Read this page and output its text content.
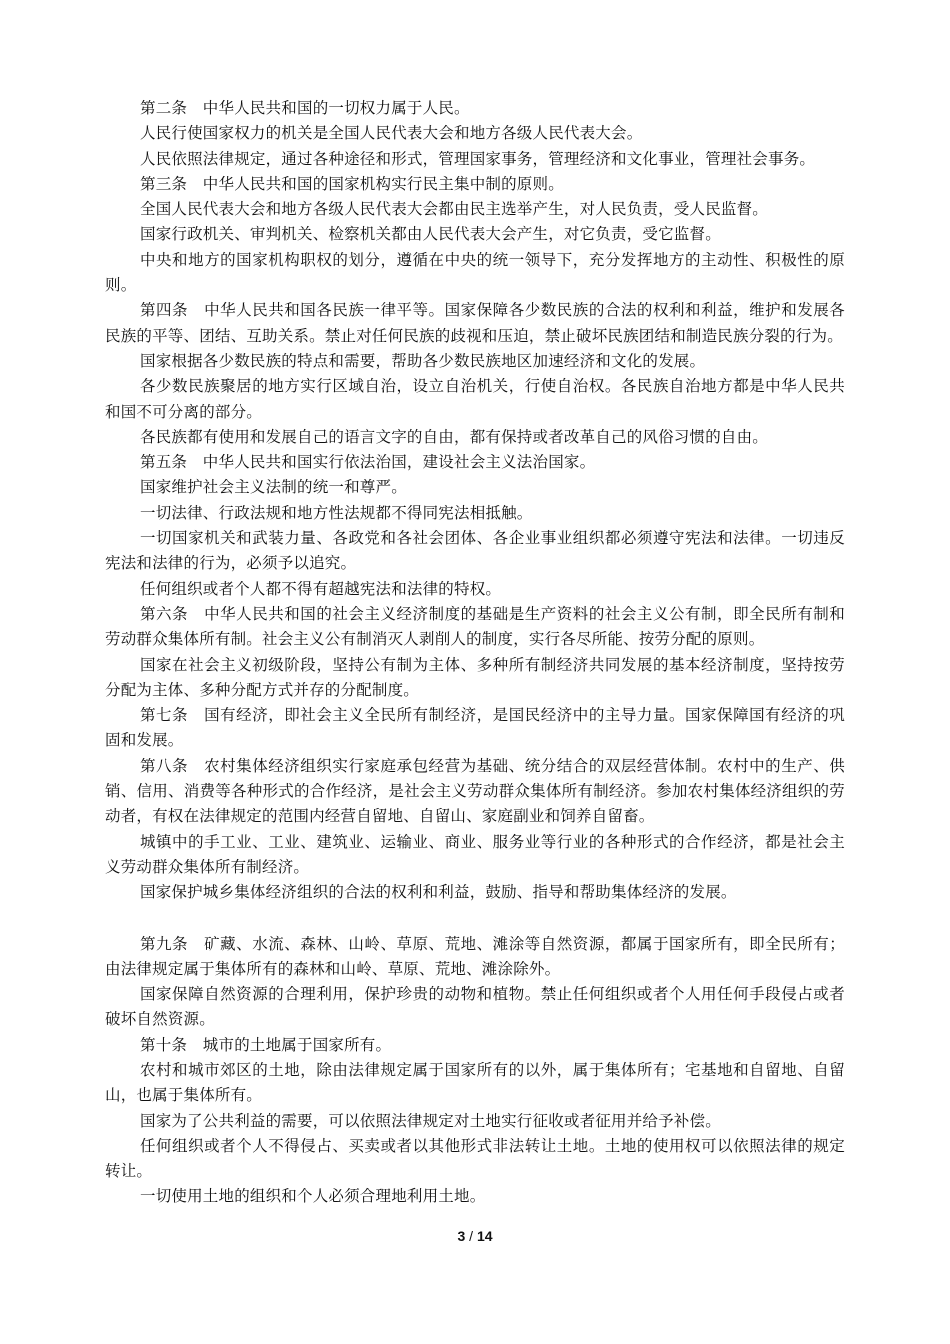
第二条　中华人民共和国的一切权力属于人民。

人民行使国家权力的机关是全国人民代表大会和地方各级人民代表大会。

人民依照法律规定，通过各种途径和形式，管理国家事务，管理经济和文化事业，管理社会事务。

第三条　中华人民共和国的国家机构实行民主集中制的原则。

全国人民代表大会和地方各级人民代表大会都由民主选举产生，对人民负责，受人民监督。

国家行政机关、审判机关、检察机关都由人民代表大会产生，对它负责，受它监督。

中央和地方的国家机构职权的划分，遵循在中央的统一领导下，充分发挥地方的主动性、积极性的原则。

第四条　中华人民共和国各民族一律平等。国家保障各少数民族的合法的权利和利益，维护和发展各民族的平等、团结、互助关系。禁止对任何民族的歧视和压迫，禁止破坏民族团结和制造民族分裂的行为。

国家根据各少数民族的特点和需要，帮助各少数民族地区加速经济和文化的发展。

各少数民族聚居的地方实行区域自治，设立自治机关，行使自治权。各民族自治地方都是中华人民共和国不可分离的部分。

各民族都有使用和发展自己的语言文字的自由，都有保持或者改革自己的风俗习惯的自由。

第五条　中华人民共和国实行依法治国，建设社会主义法治国家。

国家维护社会主义法制的统一和尊严。

一切法律、行政法规和地方性法规都不得同宪法相抵触。

一切国家机关和武装力量、各政党和各社会团体、各企业事业组织都必须遵守宪法和法律。一切违反宪法和法律的行为，必须予以追究。

任何组织或者个人都不得有超越宪法和法律的特权。

第六条　中华人民共和国的社会主义经济制度的基础是生产资料的社会主义公有制，即全民所有制和劳动群众集体所有制。社会主义公有制消灭人剥削人的制度，实行各尽所能、按劳分配的原则。

国家在社会主义初级阶段，坚持公有制为主体、多种所有制经济共同发展的基本经济制度，坚持按劳分配为主体、多种分配方式并存的分配制度。

第七条　国有经济，即社会主义全民所有制经济，是国民经济中的主导力量。国家保障国有经济的巩固和发展。

第八条　农村集体经济组织实行家庭承包经营为基础、统分结合的双层经营体制。农村中的生产、供销、信用、消费等各种形式的合作经济，是社会主义劳动群众集体所有制经济。参加农村集体经济组织的劳动者，有权在法律规定的范围内经营自留地、自留山、家庭副业和饲养自留畜。

城镇中的手工业、工业、建筑业、运输业、商业、服务业等行业的各种形式的合作经济，都是社会主义劳动群众集体所有制经济。

国家保护城乡集体经济组织的合法的权利和利益，鼓励、指导和帮助集体经济的发展。

第九条　矿藏、水流、森林、山岭、草原、荒地、滩涂等自然资源，都属于国家所有，即全民所有；由法律规定属于集体所有的森林和山岭、草原、荒地、滩涂除外。

国家保障自然资源的合理利用，保护珍贵的动物和植物。禁止任何组织或者个人用任何手段侵占或者破坏自然资源。

第十条　城市的土地属于国家所有。

农村和城市郊区的土地，除由法律规定属于国家所有的以外，属于集体所有；宅基地和自留地、自留山，也属于集体所有。

国家为了公共利益的需要，可以依照法律规定对土地实行征收或者征用并给予补偿。

任何组织或者个人不得侵占、买卖或者以其他形式非法转让土地。土地的使用权可以依照法律的规定转让。

一切使用土地的组织和个人必须合理地利用土地。

3 / 14
